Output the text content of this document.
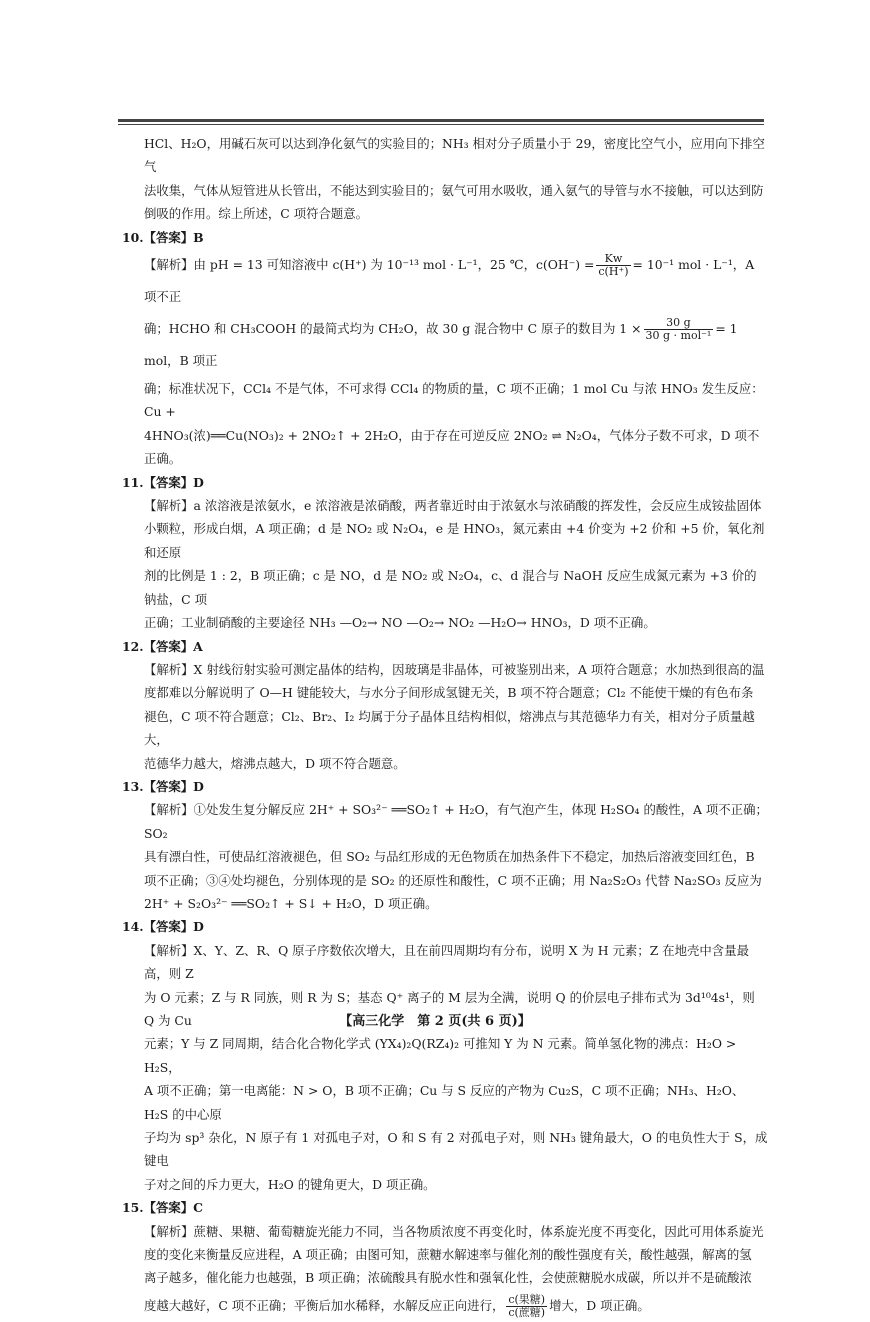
HCl、H₂O，用碱石灰可以达到净化氨气的实验目的；NH₃ 相对分子质量小于 29，密度比空气小，应用向下排空气

法收集，气体从短管进从长管出，不能达到实验目的；氨气可用水吸收，通入氨气的导管与水不接触，可以达到防

倒吸的作用。综上所述，C 项符合题意。

10.【答案】B

【解析】由 pH = 13 可知溶液中 c(H⁺) 为 10⁻¹³ mol · L⁻¹，25 ℃，$c(OH^-) = \frac{Kw}{c(H^+)} = 10^{-1}$ mol · L⁻¹，A 项不正

确；HCHO 和 CH₃COOH 的最简式均为 CH₂O，故 30 g 混合物中 C 原子的数目为 $1 \times \frac{30 g}{\text{30 g · mol⁻¹}} = 1$ mol，B 项正

确；标准状况下，CCl₄ 不是气体，不可求得 CCl₄ 的物质的量，C 项不正确；1 mol Cu 与浓 HNO₃ 发生反应：Cu +

4HNO₃(浓)══Cu(NO₃)₂ + 2NO₂↑ + 2H₂O，由于存在可逆反应 2NO₂ ⇌ N₂O₄，气体分子数不可求，D 项不

正确。

11.【答案】D

【解析】a 浓溶液是浓氨水，e 浓溶液是浓硝酸，两者靠近时由于浓氨水与浓硝酸的挥发性，会反应生成铵盐固体

小颗粒，形成白烟，A 项正确；d 是 NO₂ 或 N₂O₄，e 是 HNO₃，氮元素由 +4 价变为 +2 价和 +5 价，氧化剂和还原

剂的比例是 1 : 2，B 项正确；c 是 NO，d 是 NO₂ 或 N₂O₄，c、d 混合与 NaOH 反应生成氮元素为 +3 价的钠盐，C 项

正确；工业制硝酸的主要途径 NH₃ —O₂→ NO —O₂→ NO₂ —H₂O→ HNO₃，D 项不正确。

12.【答案】A

【解析】X 射线衍射实验可测定晶体的结构，因玻璃是非晶体，可被鉴别出来，A 项符合题意；水加热到很高的温

度都难以分解说明了 O—H 键能较大，与水分子间形成氢键无关，B 项不符合题意；Cl₂ 不能使干燥的有色布条

褪色，C 项不符合题意；Cl₂、Br₂、I₂ 均属于分子晶体且结构相似，熔沸点与其范德华力有关，相对分子质量越大，

范德华力越大，熔沸点越大，D 项不符合题意。

13.【答案】D

【解析】①处发生复分解反应 2H⁺ + SO₃²⁻ ══SO₂↑ + H₂O，有气泡产生，体现 H₂SO₄ 的酸性，A 项不正确；SO₂

具有漂白性，可使品红溶液褪色，但 SO₂ 与品红形成的无色物质在加热条件下不稳定，加热后溶液变回红色，B

项不正确；③④处均褪色，分别体现的是 SO₂ 的还原性和酸性，C 项不正确；用 Na₂S₂O₃ 代替 Na₂SO₃ 反应为

2H⁺ + S₂O₃²⁻ ══SO₂↑ + S↓ + H₂O，D 项正确。

14.【答案】D

【解析】X、Y、Z、R、Q 原子序数依次增大，且在前四周期均有分布，说明 X 为 H 元素；Z 在地壳中含量最高，则 Z

为 O 元素；Z 与 R 同族，则 R 为 S；基态 Q⁺ 离子的 M 层为全满，说明 Q 的价层电子排布式为 3d¹⁰4s¹，则 Q 为 Cu

元素；Y 与 Z 同周期，结合化合物化学式 (YX₄)₂Q(RZ₄)₂ 可推知 Y 为 N 元素。简单氢化物的沸点：H₂O > H₂S，

A 项不正确；第一电离能：N > O，B 项不正确；Cu 与 S 反应的产物为 Cu₂S，C 项不正确；NH₃、H₂O、H₂S 的中心原

子均为 sp³ 杂化，N 原子有 1 对孤电子对，O 和 S 有 2 对孤电子对，则 NH₃ 键角最大，O 的电负性大于 S，成键电

子对之间的斥力更大，H₂O 的键角更大，D 项正确。

15.【答案】C

【解析】蔗糖、果糖、葡萄糖旋光能力不同，当各物质浓度不再变化时，体系旋光度不再变化，因此可用体系旋光

度的变化来衡量反应进程，A 项正确；由图可知，蔗糖水解速率与催化剂的酸性强度有关，酸性越强，解离的氢

离子越多，催化能力也越强，B 项正确；浓硫酸具有脱水性和强氧化性，会使蔗糖脱水成碳，所以并不是硫酸浓

度越大越好，C 项不正确；平衡后加水稀释，水解反应正向进行， $\frac{\text{c(果糖)}}{\text{c(蔗糖)}}$ 增大，D 项正确。

【高三化学　第 2 页(共 6 页)】
